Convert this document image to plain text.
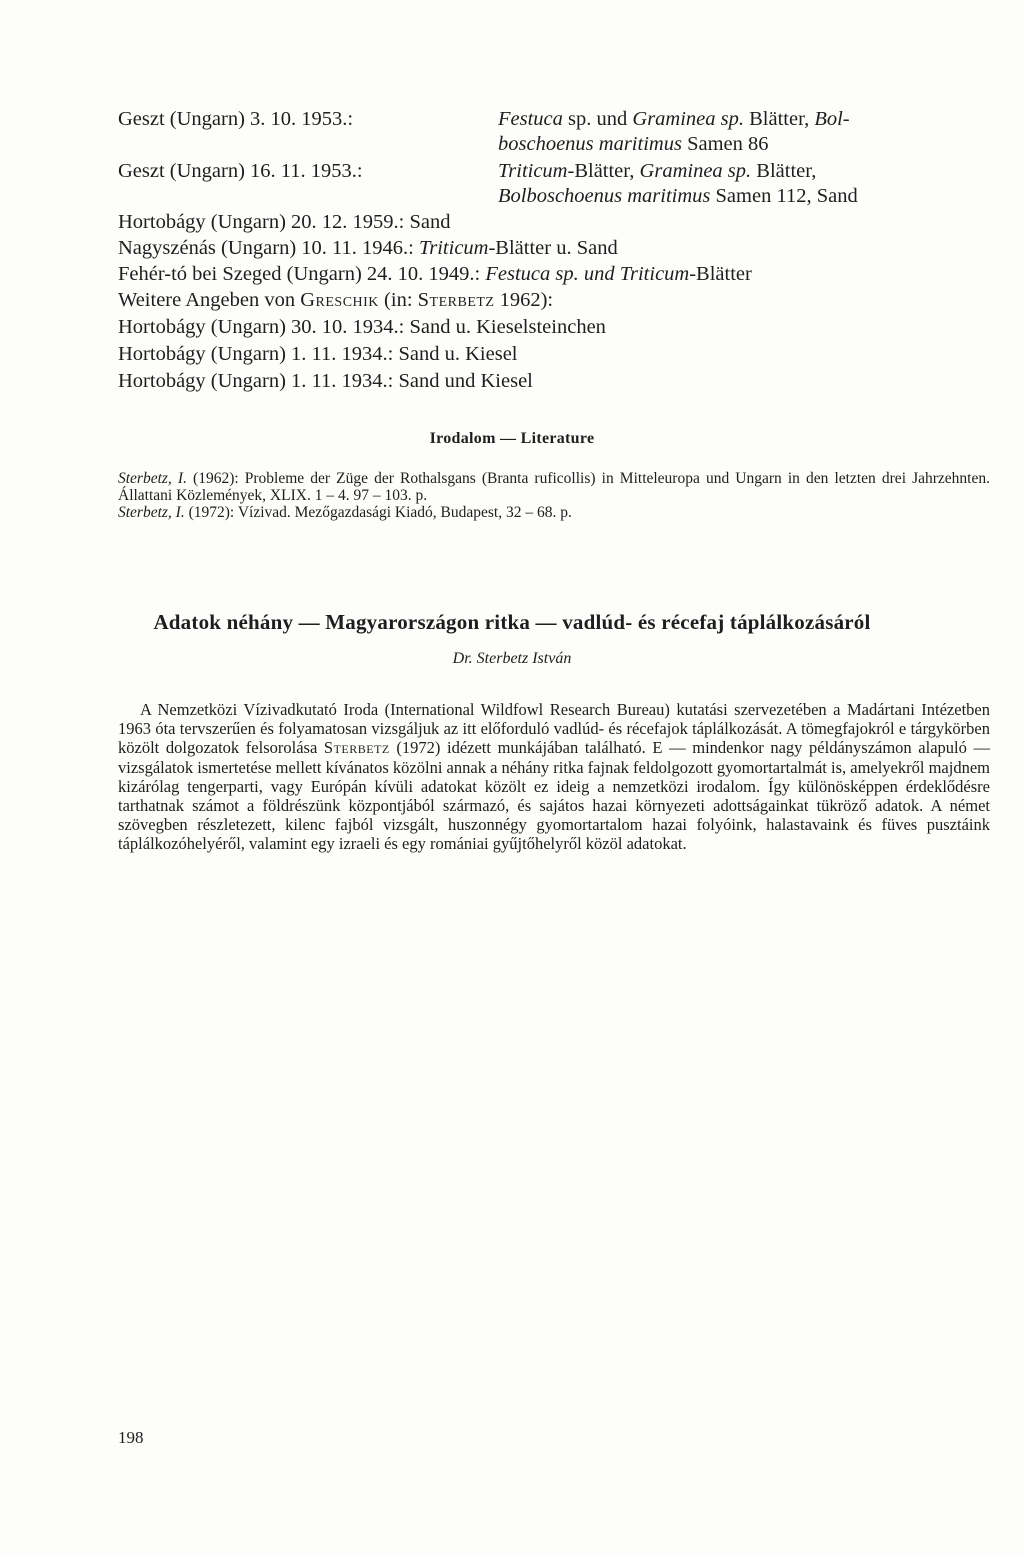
Geszt (Ungarn) 3. 10. 1953.:	Festuca sp. und Graminea sp. Blätter, Bol-
boschoenus maritimus Samen 86
Geszt (Ungarn) 16. 11. 1953.:	Triticum-Blätter, Graminea sp. Blätter,
Bolboschoenus maritimus Samen 112, Sand
Hortobágy (Ungarn) 20. 12. 1959.: Sand
Nagyszénás (Ungarn) 10. 11. 1946.: Triticum-Blätter u. Sand
Fehér-tó bei Szeged (Ungarn) 24. 10. 1949.: Festuca sp. und Triticum-Blätter
Weitere Angeben von Greschik (in: Sterbetz 1962):
Hortobágy (Ungarn) 30. 10. 1934.: Sand u. Kieselsteinchen
Hortobágy (Ungarn) 1. 11. 1934.: Sand u. Kiesel
Hortobágy (Ungarn) 1. 11. 1934.: Sand und Kiesel
Irodalom — Literature

Sterbetz, I. (1962): Probleme der Züge der Rothalsgans (Branta ruficollis) in Mitteleuropa und Ungarn in den letzten drei Jahrzehnten. Állattani Közlemények, XLIX. 1 – 4. 97 – 103. p.

Sterbetz, I. (1972): Vízivad. Mezőgazdasági Kiadó, Budapest, 32 – 68. p.

Adatok néhány — Magyarországon ritka — vadlúd- és récefaj táplálkozásáról
Dr. Sterbetz István
A Nemzetközi Vízivadkutató Iroda (International Wildfowl Research Bureau) kutatási szervezetében a Madártani Intézetben 1963 óta tervszerűen és folyamatosan vizsgáljuk az itt előforduló vadlúd- és récefajok táplálkozását. A tömegfajokról e tárgykörben közölt dolgozatok felsorolása Sterbetz (1972) idézett munkájában található. E — mindenkor nagy példányszámon alapuló — vizsgálatok ismertetése mellett kívánatos közölni annak a néhány ritka fajnak feldolgozott gyomortartalmát is, amelyekről majdnem kizárólag tengerparti, vagy Európán kívüli adatokat közölt ez ideig a nemzetközi irodalom. Így különösképpen érdeklődésre tarthatnak számot a földrészünk központjából származó, és sajátos hazai környezeti adottságainkat tükröző adatok. A német szövegben részletezett, kilenc fajból vizsgált, huszonnégy gyomortartalom hazai folyóink, halastavaink és füves pusztáink táplálkozóhelyéről, valamint egy izraeli és egy romániai gyűjtőhelyről közöl adatokat.
198
